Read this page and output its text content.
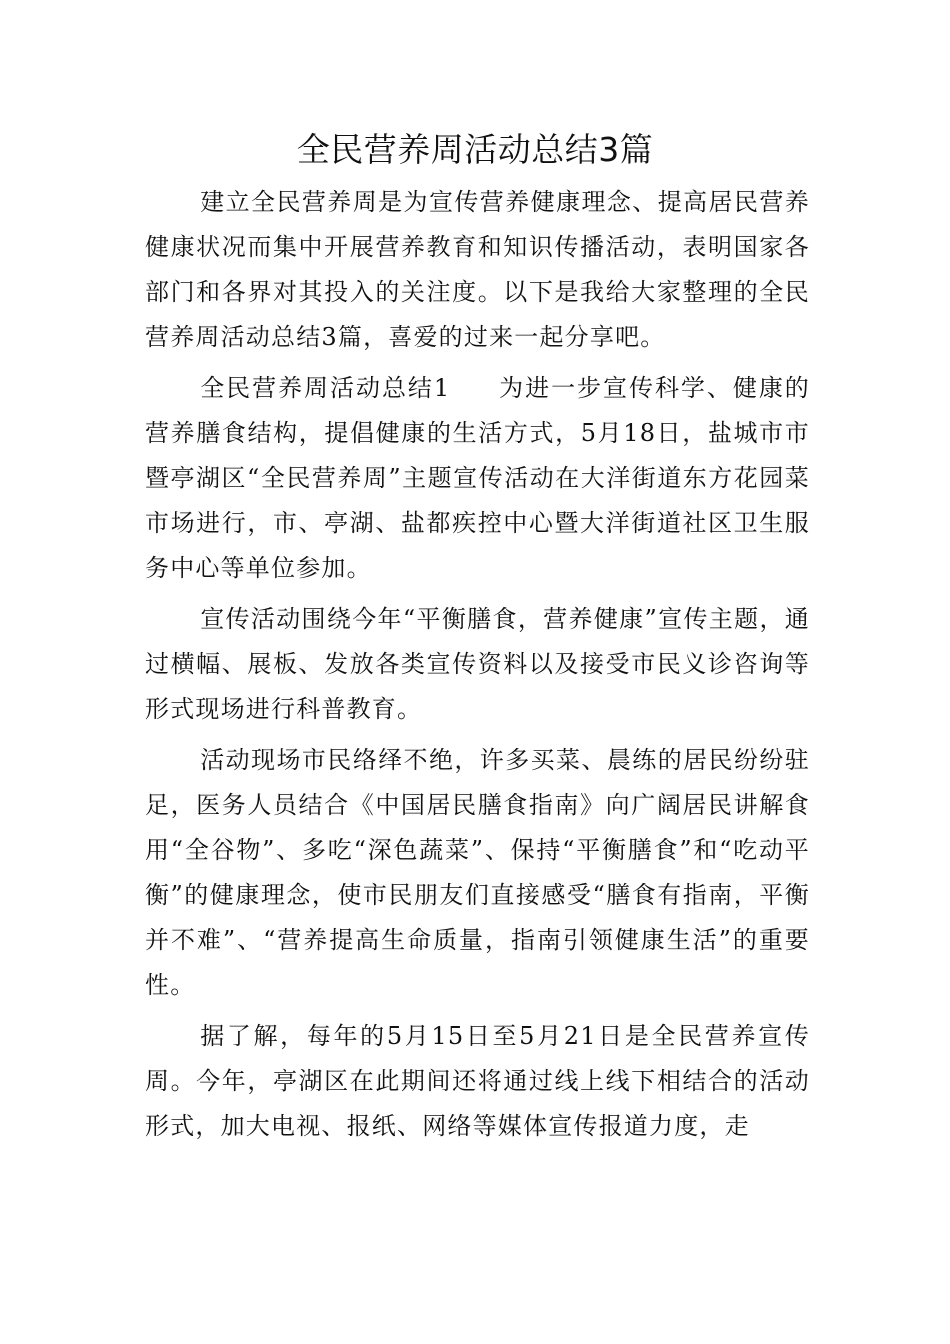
全民营养周活动总结3篇

建立全民营养周是为宣传营养健康理念、提高居民营养健康状况而集中开展营养教育和知识传播活动，表明国家各部门和各界对其投入的关注度。以下是我给大家整理的全民营养周活动总结3篇，喜爱的过来一起分享吧。

全民营养周活动总结1 为进一步宣传科学、健康的营养膳食结构，提倡健康的生活方式，5月18日，盐城市市暨亭湖区“全民营养周”主题宣传活动在大洋街道东方花园菜市场进行，市、亭湖、盐都疾控中心暨大洋街道社区卫生服务中心等单位参加。

宣传活动围绕今年“平衡膳食，营养健康”宣传主题，通过横幅、展板、发放各类宣传资料以及接受市民义诊咨询等形式现场进行科普教育。

活动现场市民络绎不绝，许多买菜、晨练的居民纷纷驻足，医务人员结合《中国居民膳食指南》向广阔居民讲解食用“全谷物”、多吃“深色蔬菜”、保持“平衡膳食”和“吃动平衡”的健康理念，使市民朋友们直接感受“膳食有指南，平衡并不难”、“营养提高生命质量，指南引领健康生活”的重要性。

据了解，每年的5月15日至5月21日是全民营养宣传周。今年，亭湖区在此期间还将通过线上线下相结合的活动形式，加大电视、报纸、网络等媒体宣传报道力度，走
